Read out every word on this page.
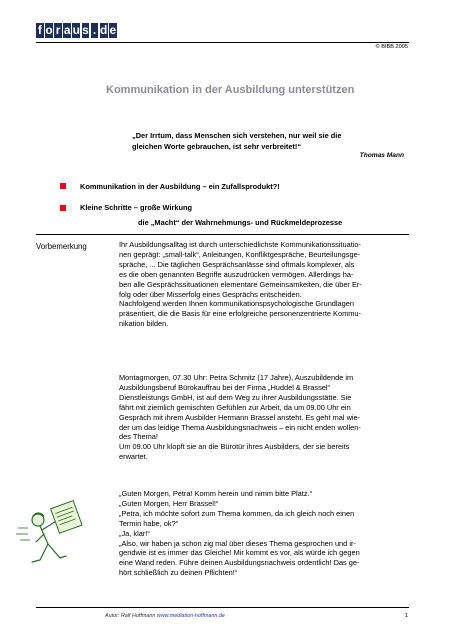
f o r a u s . d e
© BIBB 2005
Kommunikation in der Ausbildung unterstützen
„Der Irrtum, dass Menschen sich verstehen, nur weil sie die gleichen Worte gebrauchen, ist sehr verbreitet!“
Thomas Mann
Kommunikation in der Ausbildung – ein Zufallsprodukt?!
Kleine Schritte – große Wirkung
die „Macht“ der Wahrnehmungs- und Rückmeldeprozesse
Vorbemerkung	Ihr Ausbildungsalltag ist durch unterschiedlichste Kommunikationssituatio-
nen geprägt: „small-talk“, Anleitungen, Konfliktgespräche, Beurteilungsge-
spräche, ... Die täglichen Gesprächsanlässe sind oftmals komplexer, als
es die oben genannten Begriffe auszudrücken vermögen. Allerdings ha-
ben alle Gesprächssituationen elementare Gemeinsamkeiten, die über Er-
folg oder über Misserfolg eines Gesprächs entscheiden.
Nachfolgend werden Ihnen kommunikationspsychologische Grundlagen
präsentiert, die die Basis für eine erfolgreiche personenzentrierte Kommu-
nikation bilden.
Montagmorgen, 07.30 Uhr: Petra Schmitz (17 Jahre), Auszubildende im
Ausbildungsberuf Bürokauffrau bei der Firma „Huddel & Brassel“
Dienstleistungs GmbH, ist auf dem Weg zu ihrer Ausbildungsstätte. Sie
fährt mit ziemlich gemischten Gefühlen zur Arbeit, da um 09.00 Uhr ein
Gespräch mit ihrem Ausbilder Hermann Brassel ansteht. Es geht mal wie-
der um das leidige Thema Ausbildungsnachweis – ein nicht enden wollen-
des Thema!
Um 09.00 Uhr klopft sie an die Bürotür ihres Ausbilders, der sie bereits
erwartet.
„Guten Morgen, Petra! Komm herein und nimm bitte Platz.“
„Guten Morgen, Herr Brassel!“
„Petra, ich möchte sofort zum Thema kommen, da ich gleich noch einen
Termin habe, ok?“
„Ja, klar!“
„Also, wir haben ja schon zig mal über dieses Thema gesprochen und ir-
gendwie ist es immer das Gleiche! Mir kommt es vor, als würde ich gegen
eine Wand reden. Führe deinen Ausbildungsnachweis ordentlich! Das ge-
hört schließlich zu deinen Pflichten!“
Autor: Ralf Hoffmann www.mediation-hoffmann.de	1
